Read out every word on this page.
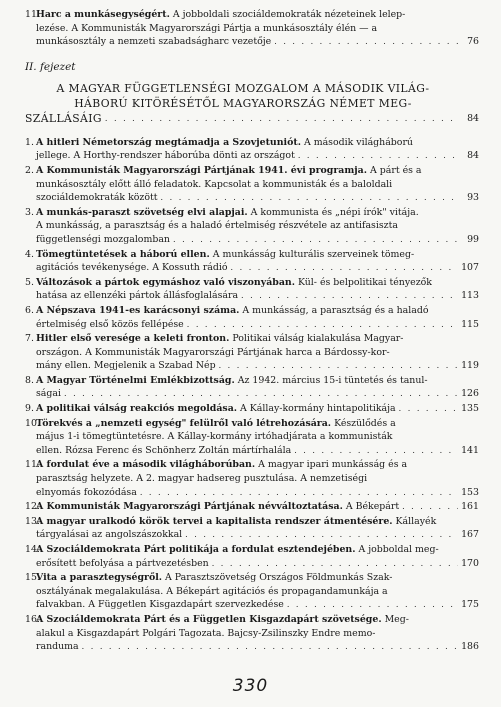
11.
Harc a munkásegységért. A jobboldali szociáldemokraták nézeteinek lelep-
lezése. A Kommunisták Magyarországi Pártja a munkásosztály élén — a
munkásosztály a nemzeti szabadságharc vezetője . . .	76
II. fejezet
A MAGYAR FÜGGETLENSÉGI MOZGALOM A MÁSODIK VILÁG-
HÁBORÚ KITÖRÉSÉTŐL MAGYARORSZÁG NÉMET MEG-
SZÁLLÁSÁIG . . .	84
1. A hitleri Németország megtámadja a Szovjetuniót. A második világháború
jellege. A Horthy-rendszer háborúba dönti az országot . . .	84
2. A Kommunisták Magyarországi Pártjának 1941. évi programja. A párt és a
munkásosztály előtt álló feladatok. Kapcsolat a kommunisták és a baloldali
szociáldemokraták között . . .	93
3. A munkás-paraszt szövetség elvi alapjai. A kommunista és „népi írók" vitája.
A munkásság, a parasztság és a haladó értelmiség részvétele az antifasiszta
függetlenségi mozgalomban . . .	99
4. Tömegtüntetések a háború ellen. A munkásság kulturális szerveinek tömeg-
agitációs tevékenysége. A Kossuth rádió . . .	107
5. Változások a pártok egymáshoz való viszonyában. Kül- és belpolitikai tényezők
hatása az ellenzéki pártok állásfoglalására . . .	113
6. A Népszava 1941-es karácsonyi száma. A munkásság, a parasztság és a haladó
értelmiség első közös fellépése . . .	115
7. Hitler első veresége a keleti fronton. Politikai válság kialakulása Magyar-
országon. A Kommunisták Magyarországi Pártjának harca a Bárdossy-kor-
mány ellen. Megjelenik a Szabad Nép . . .	119
8. A Magyar Történelmi Emlékbizottság. Az 1942. március 15-i tüntetés és tanul-
ságai . . .	126
9. A politikai válság reakciós megoldása. A Kállay-kormány hintapolitikája . . .	135
10.
Törekvés a „nemzeti egység" felülről való létrehozására. Készülődés a
május 1-i tömegtüntetésre. A Kállay-kormány irtóhadjárata a kommunisták
ellen. Rózsa Ferenc és Schönherz Zoltán mártírhalála . . .	141
11.
A fordulat éve a második világháborúban. A magyar ipari munkásság és a
parasztság helyzete. A 2. magyar hadsereg pusztulása. A nemzetiségi
elnyomás fokozódása . . .	153
12.
A Kommunisták Magyarországi Pártjának névváltoztatása. A Békepárt . . .	161
13.
A magyar uralkodó körök tervei a kapitalista rendszer átmentésére. Kállayék
tárgyalásai az angolszászokkal . . .	167
14.
A Szociáldemokrata Párt politikája a fordulat esztendejében. A jobboldal meg-
erősített befolyása a pártvezetésben . . .	170
15.
Vita a parasztegységről. A Parasztszövetség Országos Földmunkás Szak-
osztályának megalakulása. A Békepárt agitációs és propagandamunkája a
falvakban. A Független Kisgazdapárt szervezkedése . . .	175
16.
A Szociáldemokrata Párt és a Független Kisgazdapárt szövetsége. Meg-
alakul a Kisgazdapárt Polgári Tagozata. Bajcsy-Zsilinszky Endre memo-
randuma . . .	186
330
